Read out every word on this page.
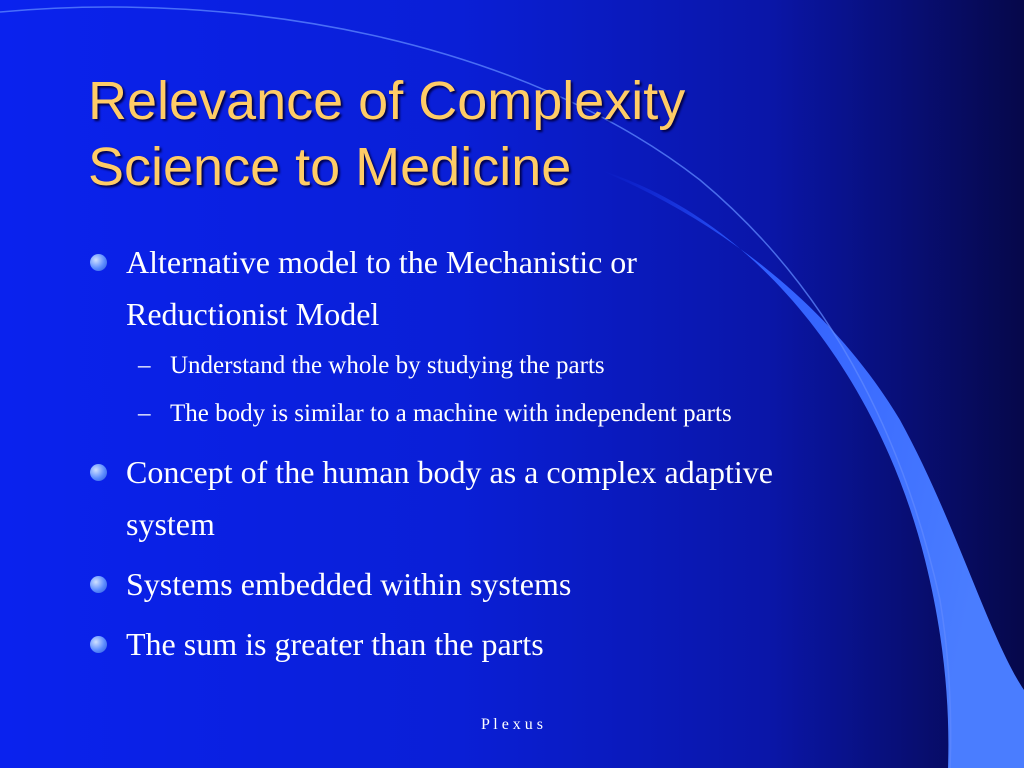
Relevance of Complexity
Science to Medicine
Alternative model to the Mechanistic or
Reductionist Model
– Understand the whole by studying the parts
– The body is similar to a machine with independent parts
Concept of the human body as a complex adaptive
system
Systems embedded within systems
The sum is greater than the parts
P l e x u s
